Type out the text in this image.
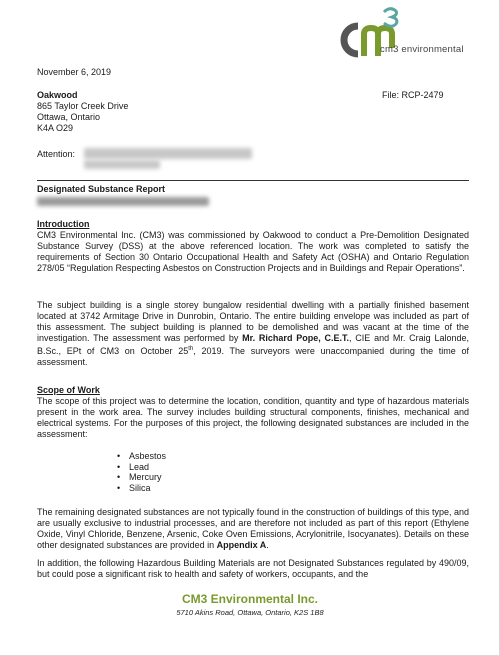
cm3 environmental
November 6, 2019
Oakwood
865 Taylor Creek Drive
Ottawa, Ontario
K4A O29
File: RCP-2479
Attention:
Designated Substance Report
Introduction
CM3 Environmental Inc. (CM3) was commissioned by Oakwood to conduct a Pre-Demolition Designated Substance Survey (DSS) at the above referenced location. The work was completed to satisfy the requirements of Section 30 Ontario Occupational Health and Safety Act (OSHA) and Ontario Regulation 278/05 “Regulation Respecting Asbestos on Construction Projects and in Buildings and Repair Operations”.
The subject building is a single storey bungalow residential dwelling with a partially finished basement located at 3742 Armitage Drive in Dunrobin, Ontario. The entire building envelope was included as part of this assessment. The subject building is planned to be demolished and was vacant at the time of the investigation. The assessment was performed by Mr. Richard Pope, C.E.T., CIE and Mr. Craig Lalonde, B.Sc., EPt of CM3 on October 25th, 2019. The surveyors were unaccompanied during the time of assessment.
Scope of Work
The scope of this project was to determine the location, condition, quantity and type of hazardous materials present in the work area. The survey includes building structural components, finishes, mechanical and electrical systems. For the purposes of this project, the following designated substances are included in the assessment:
• Asbestos
• Lead
• Mercury
• Silica
The remaining designated substances are not typically found in the construction of buildings of this type, and are usually exclusive to industrial processes, and are therefore not included as part of this report (Ethylene Oxide, Vinyl Chloride, Benzene, Arsenic, Coke Oven Emissions, Acrylonitrile, Isocyanates). Details on these other designated substances are provided in Appendix A.
In addition, the following Hazardous Building Materials are not Designated Substances regulated by 490/09, but could pose a significant risk to health and safety of workers, occupants, and the
CM3 Environmental Inc.
5710 Akins Road, Ottawa, Ontario, K2S 1B8
